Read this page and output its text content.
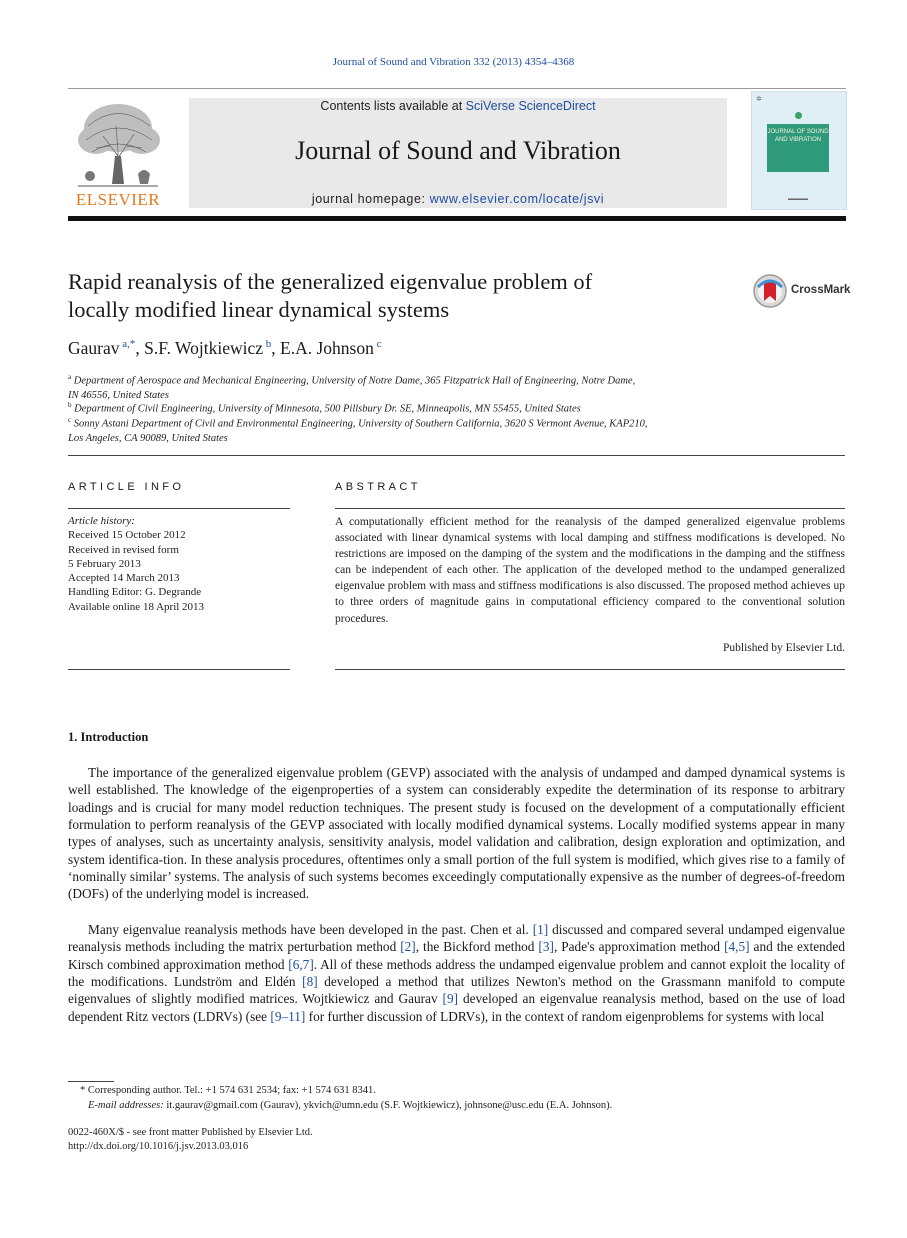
Journal of Sound and Vibration 332 (2013) 4354–4368
ELSEVIER
Contents lists available at SciVerse ScienceDirect
Journal of Sound and Vibration
journal homepage: www.elsevier.com/locate/jsvi
✲
JOURNAL OF SOUND AND VIBRATION
▬▬▬▬
Rapid reanalysis of the generalized eigenvalue problem of
locally modified linear dynamical systems
CrossMark
Gaurav $^{a,*}$, S.F. Wojtkiewicz $^b$, E.A. Johnson $^c$
$^a$ Department of Aerospace and Mechanical Engineering, University of Notre Dame, 365 Fitzpatrick Hall of Engineering, Notre Dame,
IN 46556, United States
$^b$ Department of Civil Engineering, University of Minnesota, 500 Pillsbury Dr. SE, Minneapolis, MN 55455, United States
$^c$ Sonny Astani Department of Civil and Environmental Engineering, University of Southern California, 3620 S Vermont Avenue, KAP210,
Los Angeles, CA 90089, United States
ARTICLE INFO
Article history:
Received 15 October 2012
Received in revised form
5 February 2013
Accepted 14 March 2013
Handling Editor: G. Degrande
Available online 18 April 2013
ABSTRACT
A computationally efficient method for the reanalysis of the damped generalized eigenvalue problems associated with linear dynamical systems with local damping and stiffness modifications is developed. No restrictions are imposed on the damping of the system and the modifications in the damping and the stiffness can be independent of each other. The application of the developed method to the undamped generalized eigenvalue problem with mass and stiffness modifications is also discussed. The proposed method achieves up to three orders of magnitude gains in computational efficiency compared to the conventional solution procedures.
Published by Elsevier Ltd.
1. Introduction
The importance of the generalized eigenvalue problem (GEVP) associated with the analysis of undamped and damped dynamical systems is well established. The knowledge of the eigenproperties of a system can considerably expedite the determination of its response to arbitrary loadings and is crucial for many model reduction techniques. The present study is focused on the development of a computationally efficient formulation to perform reanalysis of the GEVP associated with locally modified dynamical systems. Locally modified systems appear in many types of analyses, such as uncertainty analysis, sensitivity analysis, model validation and calibration, design exploration and optimization, and system identifica-tion. In these analysis procedures, oftentimes only a small portion of the full system is modified, which gives rise to a family of ‘nominally similar’ systems. The analysis of such systems becomes exceedingly computationally expensive as the number of degrees-of-freedom (DOFs) of the underlying model is increased.
Many eigenvalue reanalysis methods have been developed in the past. Chen et al. [1] discussed and compared several undamped eigenvalue reanalysis methods including the matrix perturbation method [2], the Bickford method [3], Pade's approximation method [4,5] and the extended Kirsch combined approximation method [6,7]. All of these methods address the undamped eigenvalue problem and cannot exploit the locality of the modifications. Lundström and Eldén [8] developed a method that utilizes Newton's method on the Grassmann manifold to compute eigenvalues of slightly modified matrices. Wojtkiewicz and Gaurav [9] developed an eigenvalue reanalysis method, based on the use of load dependent Ritz vectors (LDRVs) (see [9–11] for further discussion of LDRVs), in the context of random eigenproblems for systems with local
* Corresponding author. Tel.: +1 574 631 2534; fax: +1 574 631 8341.
E-mail addresses: it.gaurav@gmail.com (Gaurav), ykvich@umn.edu (S.F. Wojtkiewicz), johnsone@usc.edu (E.A. Johnson).
0022-460X/$ - see front matter Published by Elsevier Ltd.
http://dx.doi.org/10.1016/j.jsv.2013.03.016
